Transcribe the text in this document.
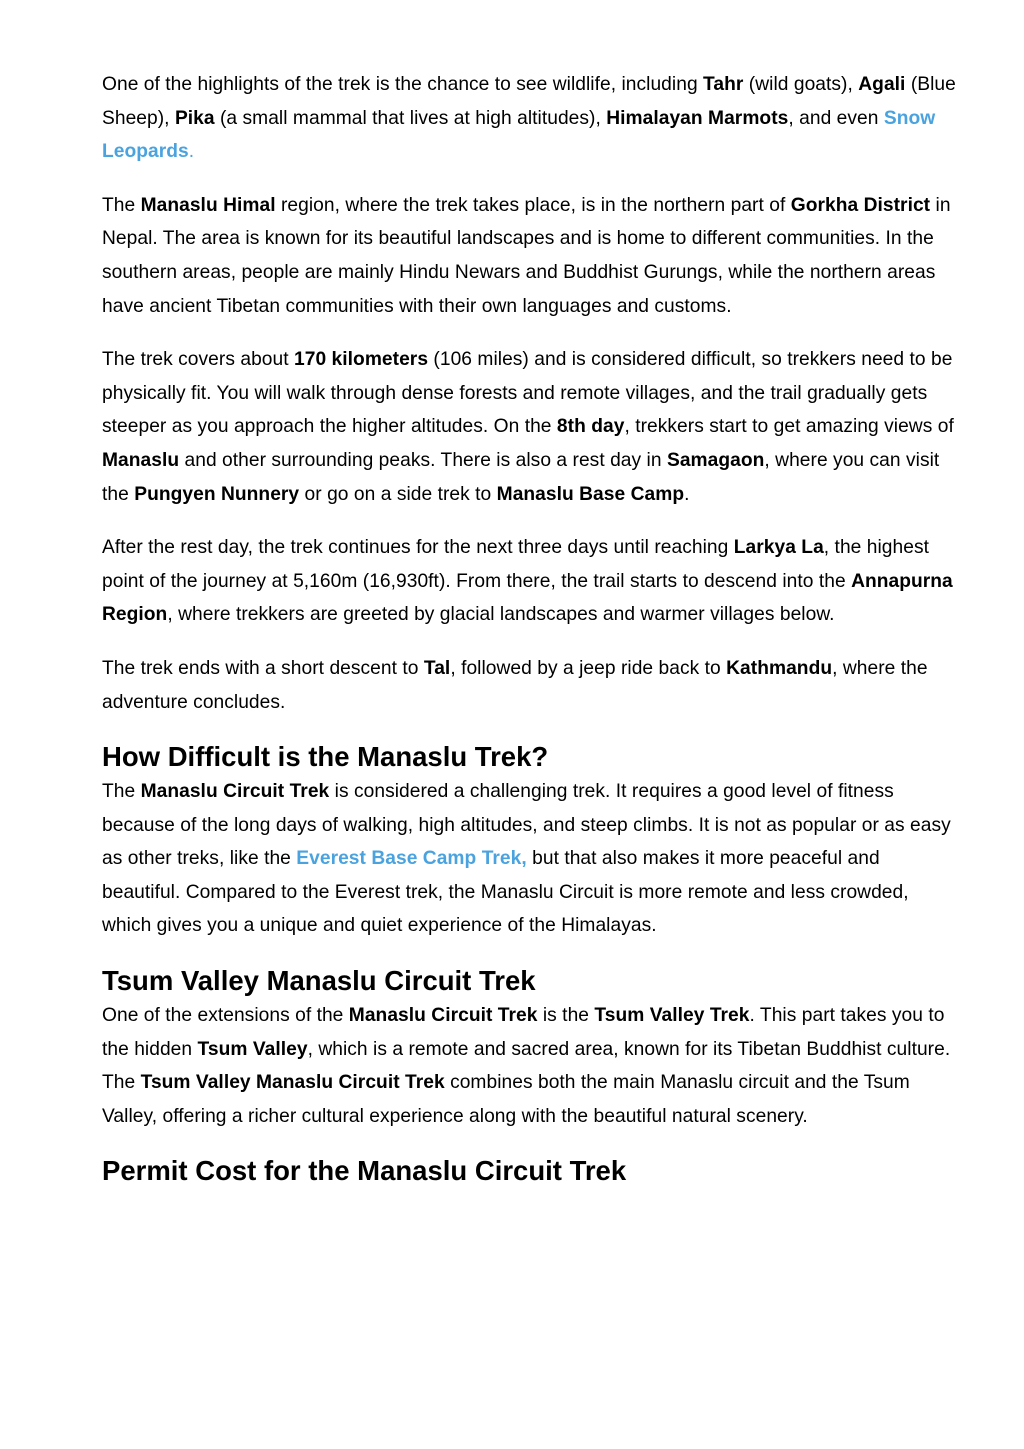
One of the highlights of the trek is the chance to see wildlife, including Tahr (wild goats), Agali (Blue Sheep), Pika (a small mammal that lives at high altitudes), Himalayan Marmots, and even Snow Leopards.

The Manaslu Himal region, where the trek takes place, is in the northern part of Gorkha District in Nepal. The area is known for its beautiful landscapes and is home to different communities. In the southern areas, people are mainly Hindu Newars and Buddhist Gurungs, while the northern areas have ancient Tibetan communities with their own languages and customs.

The trek covers about 170 kilometers (106 miles) and is considered difficult, so trekkers need to be physically fit. You will walk through dense forests and remote villages, and the trail gradually gets steeper as you approach the higher altitudes. On the 8th day, trekkers start to get amazing views of Manaslu and other surrounding peaks. There is also a rest day in Samagaon, where you can visit the Pungyen Nunnery or go on a side trek to Manaslu Base Camp.

After the rest day, the trek continues for the next three days until reaching Larkya La, the highest point of the journey at 5,160m (16,930ft). From there, the trail starts to descend into the Annapurna Region, where trekkers are greeted by glacial landscapes and warmer villages below.

The trek ends with a short descent to Tal, followed by a jeep ride back to Kathmandu, where the adventure concludes.

How Difficult is the Manaslu Trek?

The Manaslu Circuit Trek is considered a challenging trek. It requires a good level of fitness because of the long days of walking, high altitudes, and steep climbs. It is not as popular or as easy as other treks, like the Everest Base Camp Trek, but that also makes it more peaceful and beautiful. Compared to the Everest trek, the Manaslu Circuit is more remote and less crowded, which gives you a unique and quiet experience of the Himalayas.

Tsum Valley Manaslu Circuit Trek

One of the extensions of the Manaslu Circuit Trek is the Tsum Valley Trek. This part takes you to the hidden Tsum Valley, which is a remote and sacred area, known for its Tibetan Buddhist culture. The Tsum Valley Manaslu Circuit Trek combines both the main Manaslu circuit and the Tsum Valley, offering a richer cultural experience along with the beautiful natural scenery.

Permit Cost for the Manaslu Circuit Trek
